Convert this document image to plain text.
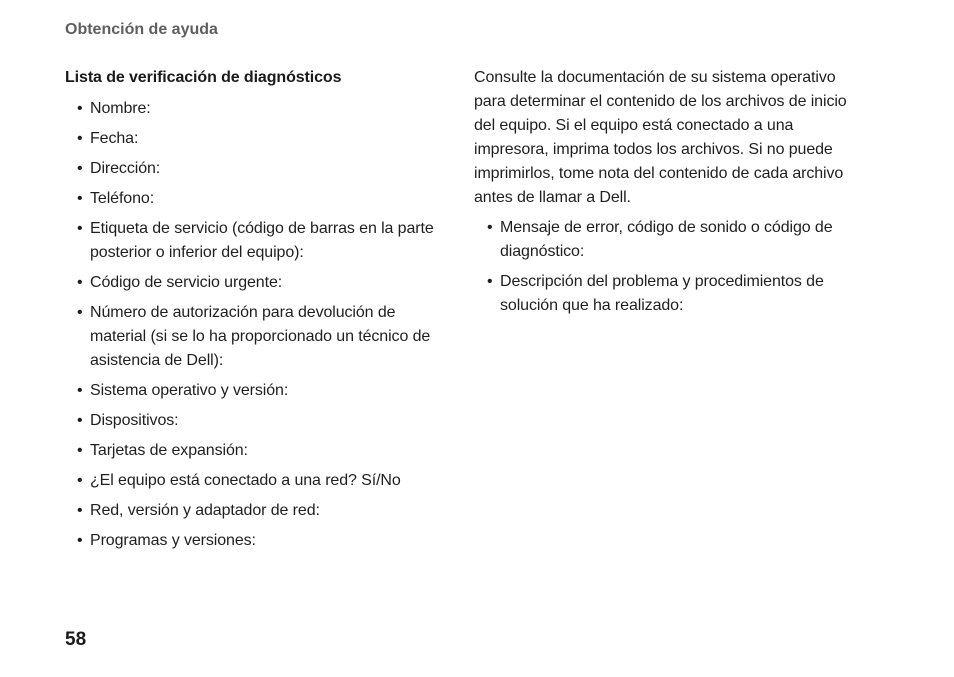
Obtención de ayuda

Lista de verificación de diagnósticos

• Nombre:
• Fecha:
• Dirección:
• Teléfono:
• Etiqueta de servicio (código de barras en la parte posterior o inferior del equipo):
• Código de servicio urgente:
• Número de autorización para devolución de material (si se lo ha proporcionado un técnico de asistencia de Dell):
• Sistema operativo y versión:
• Dispositivos:
• Tarjetas de expansión:
• ¿El equipo está conectado a una red? Sí/No
• Red, versión y adaptador de red:
• Programas y versiones:

Consulte la documentación de su sistema operativo para determinar el contenido de los archivos de inicio del equipo. Si el equipo está conectado a una impresora, imprima todos los archivos. Si no puede imprimirlos, tome nota del contenido de cada archivo antes de llamar a Dell.

• Mensaje de error, código de sonido o código de diagnóstico:
• Descripción del problema y procedimientos de solución que ha realizado:

58
